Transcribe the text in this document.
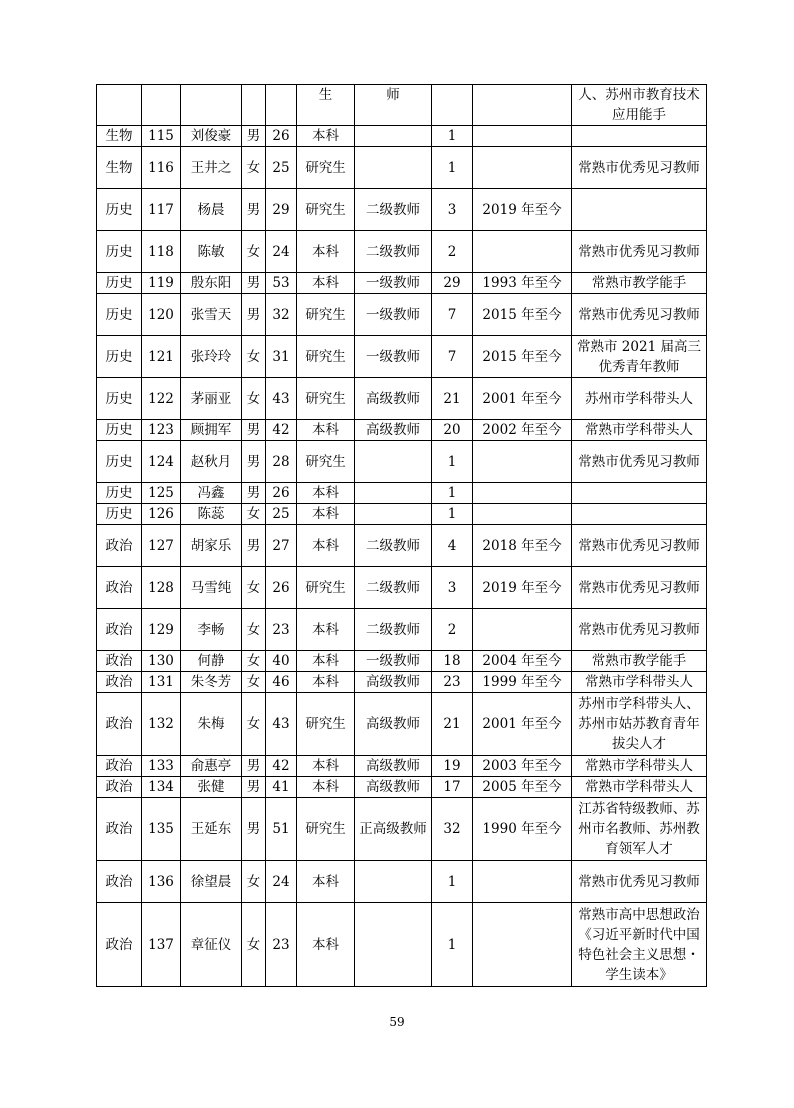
					生	师			人、苏州市教育技术应用能手
生物	115	刘俊豪	男	26	本科		1		
生物	116	王井之	女	25	研究生		1		常熟市优秀见习教师
历史	117	杨晨	男	29	研究生	二级教师	3	2019 年至今	
历史	118	陈敏	女	24	本科	二级教师	2		常熟市优秀见习教师
历史	119	殷东阳	男	53	本科	一级教师	29	1993 年至今	常熟市教学能手
历史	120	张雪天	男	32	研究生	一级教师	7	2015 年至今	常熟市优秀见习教师
历史	121	张玲玲	女	31	研究生	一级教师	7	2015 年至今	常熟市 2021 届高三优秀青年教师
历史	122	茅丽亚	女	43	研究生	高级教师	21	2001 年至今	苏州市学科带头人
历史	123	顾拥军	男	42	本科	高级教师	20	2002 年至今	常熟市学科带头人
历史	124	赵秋月	男	28	研究生		1		常熟市优秀见习教师
历史	125	冯鑫	男	26	本科		1		
历史	126	陈蕊	女	25	本科		1		
政治	127	胡家乐	男	27	本科	二级教师	4	2018 年至今	常熟市优秀见习教师
政治	128	马雪纯	女	26	研究生	二级教师	3	2019 年至今	常熟市优秀见习教师
政治	129	李畅	女	23	本科	二级教师	2		常熟市优秀见习教师
政治	130	何静	女	40	本科	一级教师	18	2004 年至今	常熟市教学能手
政治	131	朱冬芳	女	46	本科	高级教师	23	1999 年至今	常熟市学科带头人
政治	132	朱梅	女	43	研究生	高级教师	21	2001 年至今	苏州市学科带头人、苏州市姑苏教育青年拔尖人才
政治	133	俞惠亭	男	42	本科	高级教师	19	2003 年至今	常熟市学科带头人
政治	134	张健	男	41	本科	高级教师	17	2005 年至今	常熟市学科带头人
政治	135	王延东	男	51	研究生	正高级教师	32	1990 年至今	江苏省特级教师、苏州市名教师、苏州教育领军人才
政治	136	徐望晨	女	24	本科		1		常熟市优秀见习教师
政治	137	章征仪	女	23	本科		1		常熟市高中思想政治《习近平新时代中国特色社会主义思想・学生读本》
59
